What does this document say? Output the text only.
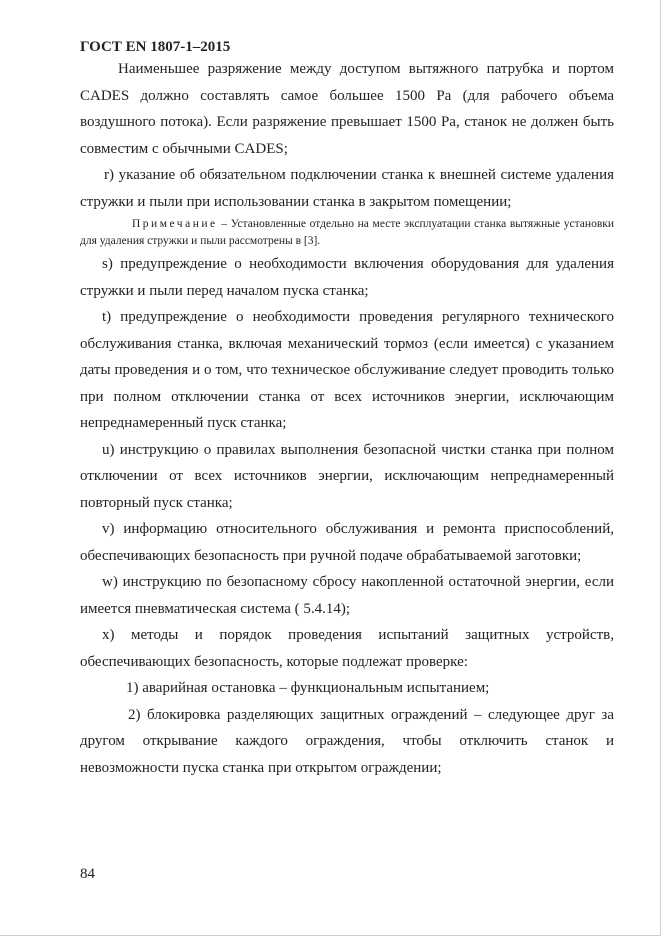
ГОСТ EN 1807-1–2015

Наименьшее разряжение между доступом вытяжного патрубка и портом CADES должно составлять самое большее 1500 Pa (для рабочего объема воздушного потока). Если разряжение превышает 1500 Pa, станок не должен быть совместим с обычными CADES;

r) указание об обязательном подключении станка к внешней системе удаления стружки и пыли при использовании станка в закрытом помещении;

Примечание – Установленные отдельно на месте эксплуатации станка вытяжные установки для удаления стружки и пыли рассмотрены в [3].

s) предупреждение о необходимости включения оборудования для удаления стружки и пыли перед началом пуска станка;

t) предупреждение о необходимости проведения регулярного технического обслуживания станка, включая механический тормоз (если имеется) с указанием даты проведения и о том, что техническое обслуживание следует проводить только при полном отключении станка от всех источников энергии, исключающим непреднамеренный пуск станка;

u) инструкцию о правилах выполнения безопасной чистки станка при полном отключении от всех источников энергии, исключающим непреднамеренный повторный пуск станка;

v) информацию относительного обслуживания и ремонта приспособлений, обеспечивающих безопасность при ручной подаче обрабатываемой заготовки;

w) инструкцию по безопасному сбросу накопленной остаточной энергии, если имеется пневматическая система ( 5.4.14);

x) методы и порядок проведения испытаний защитных устройств, обеспечивающих безопасность, которые подлежат проверке:

1) аварийная остановка – функциональным испытанием;

2) блокировка разделяющих защитных ограждений – следующее друг за другом открывание каждого ограждения, чтобы отключить станок и невозможности пуска станка при открытом ограждении;

84
